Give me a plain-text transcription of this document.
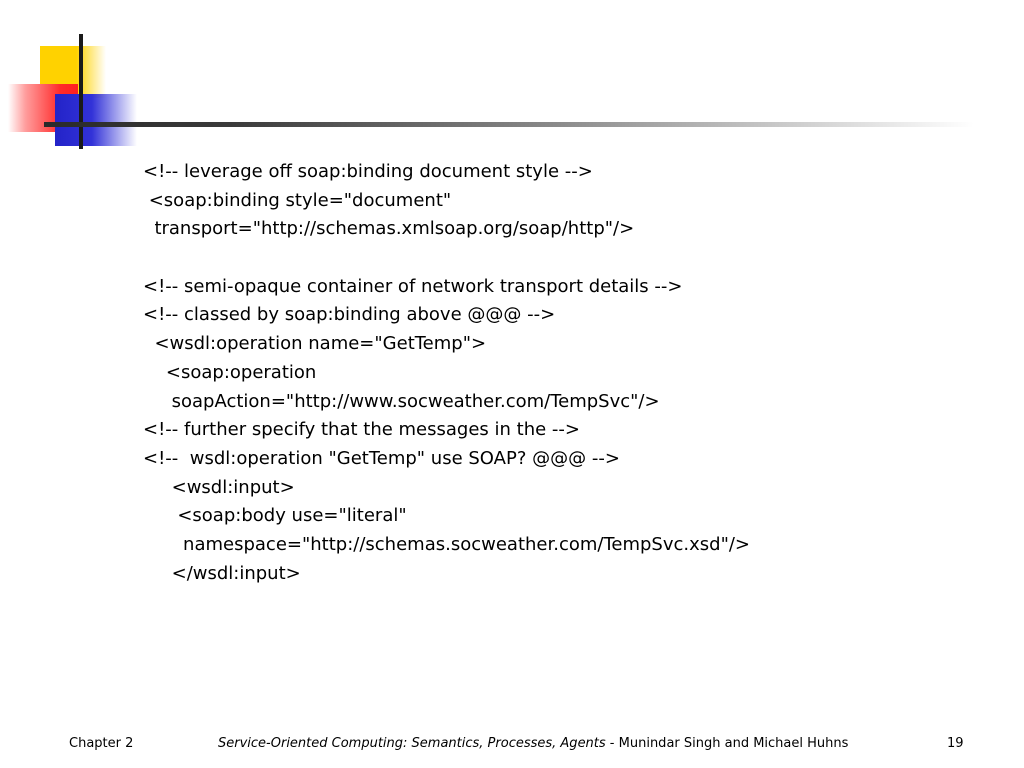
<!-- leverage off soap:binding document style -->
<soap:binding style="document"
transport="http://schemas.xmlsoap.org/soap/http"/>
<!-- semi-opaque container of network transport details -->
<!-- classed by soap:binding above @@@ -->
<wsdl:operation name="GetTemp">
<soap:operation
soapAction="http://www.socweather.com/TempSvc"/>
<!-- further specify that the messages in the -->
<!--  wsdl:operation "GetTemp" use SOAP? @@@ -->
<wsdl:input>
<soap:body use="literal"
namespace="http://schemas.socweather.com/TempSvc.xsd"/>
</wsdl:input>
Chapter 2	Service-Oriented Computing: Semantics, Processes, Agents - Munindar Singh and Michael Huhns	19
